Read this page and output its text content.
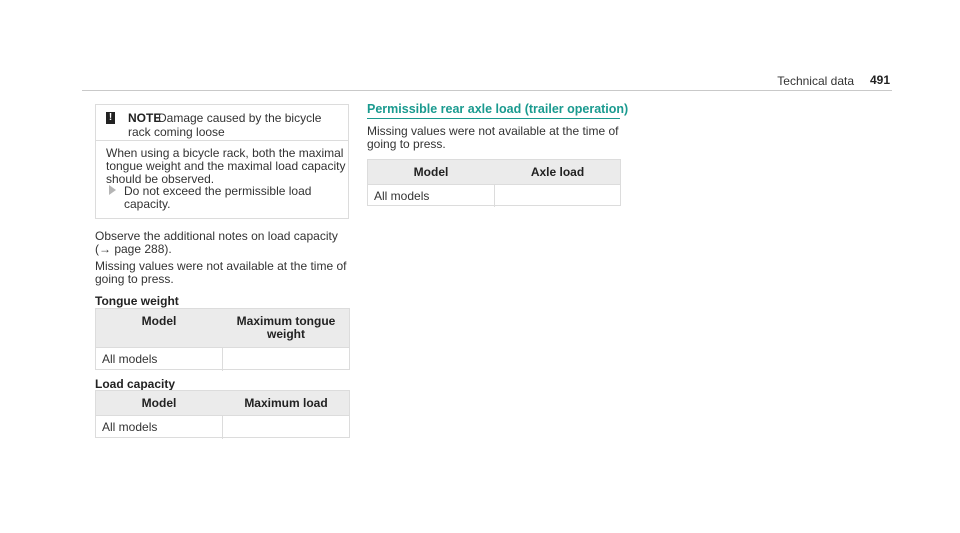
Technical data 491
! NOTE
Damage caused by the bicycle
rack coming loose
When using a bicycle rack, both the maximal
tongue weight and the maximal load capacity
should be observed.
Do not exceed the permissible load
capacity.
Observe the additional notes on load capacity
(→ page 288).
Missing values were not available at the time of
going to press.
Tongue weight
Model	Maximum tongue
weight
All models
Load capacity
Model	Maximum load
All models
Permissible rear axle load (trailer operation)
Missing values were not available at the time of
going to press.
Model	Axle load
All models
